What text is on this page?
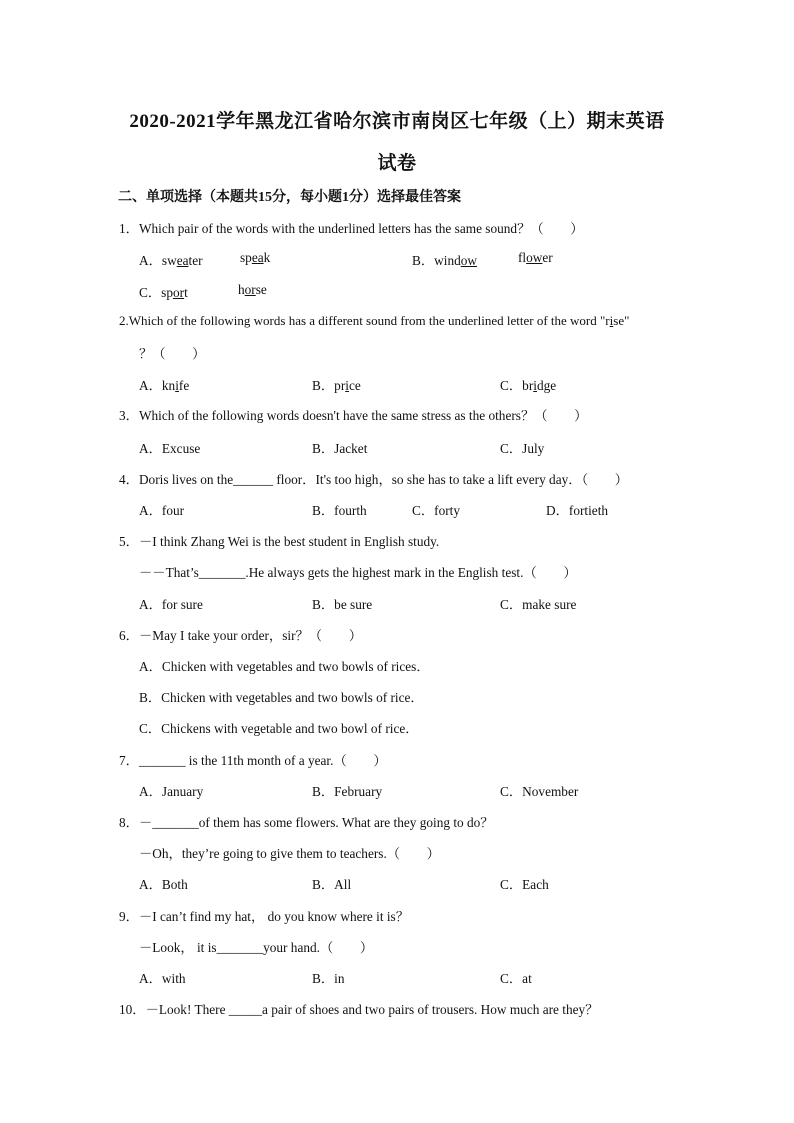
2020-2021学年黑龙江省哈尔滨市南岗区七年级（上）期末英语
试卷
二、单项选择（本题共15分，每小题1分）选择最佳答案
1．Which pair of the words with the underlined letters has the same sound？（　　）
A．sweater	speak	B．window	flower
C．sport	horse
2.Which of the following words has a different sound from the underlined letter of the word "rise"
？（　　）
A．knife	B．price	C．bridge
3．Which of the following words doesn't have the same stress as the others？（　　）
A．Excuse	B．Jacket	C．July
4．Doris lives on the______ floor．It's too high，so she has to take a lift every day．（　　）
A．four	B．fourth	C．forty	D．fortieth
5．－I think Zhang Wei is the best student in English study.
－－That’s_______.He always gets the highest mark in the English test.（　　）
A．for sure	B．be sure	C．make sure
6．－May I take your order，sir？（　　）
A．Chicken with vegetables and two bowls of rices．
B．Chicken with vegetables and two bowls of rice．
C．Chickens with vegetable and two bowl of rice．
7．_______ is the 11th month of a year.（　　）
A．January	B．February	C．November
8．－_______of them has some flowers. What are they going to do？
－Oh，they’re going to give them to teachers.（　　）
A．Both	B．All	C．Each
9．－I can’t find my hat， do you know where it is？
－Look， it is_______your hand.（　　）
A．with	B．in	C．at
10．－Look! There _____a pair of shoes and two pairs of trousers. How much are they？
